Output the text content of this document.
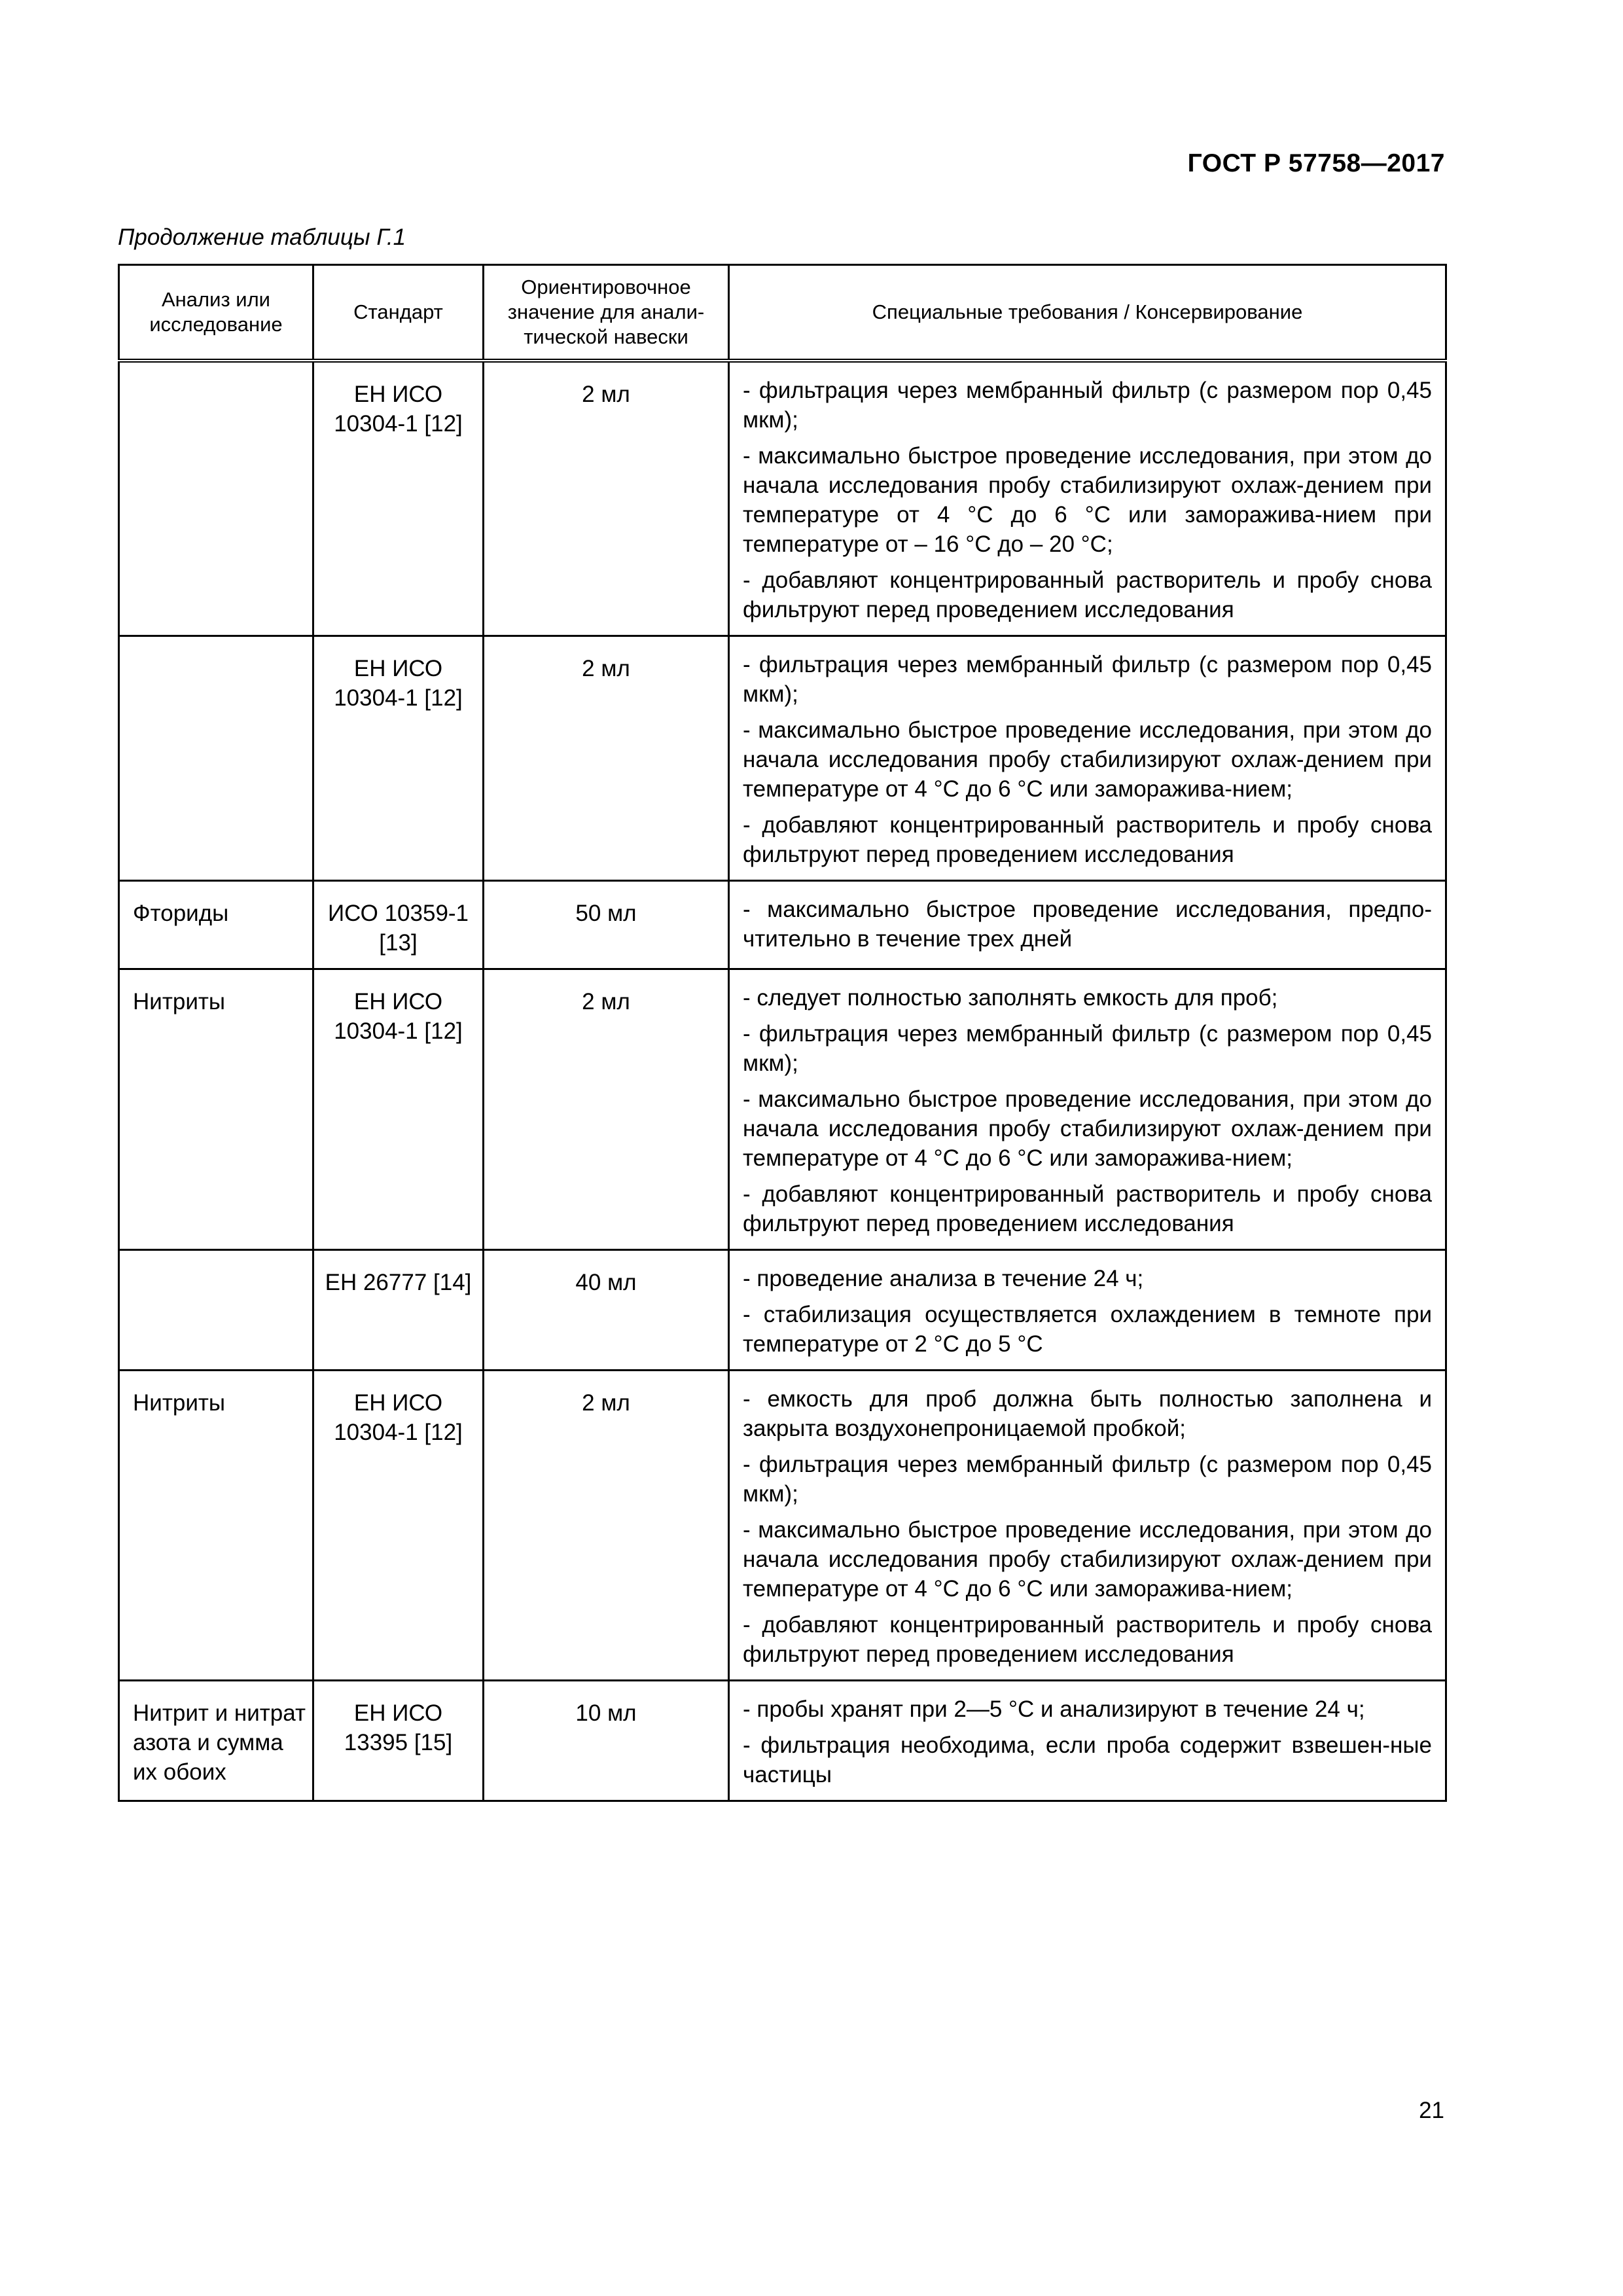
ГОСТ Р 57758—2017
Продолжение таблицы Г.1
Анализ или исследование	Стандарт	Ориентировочное значение для анали-тической навески	Специальные требования / Консервирование
	ЕН ИСО 10304-1 [12]	2 мл	- фильтрация через мембранный фильтр (с размером пор 0,45 мкм);
- максимально быстрое проведение исследования, при этом до начала исследования пробу стабилизируют охлаж-дением при температуре от 4 °С до 6 °С или заморажива-нием при температуре от – 16 °С до – 20 °С;
- добавляют концентрированный растворитель и пробу снова фильтруют перед проведением исследования

	ЕН ИСО 10304-1 [12]	2 мл	- фильтрация через мембранный фильтр (с размером пор 0,45 мкм);
- максимально быстрое проведение исследования, при этом до начала исследования пробу стабилизируют охлаж-дением при температуре от 4 °С до 6 °С или заморажива-нием;
- добавляют концентрированный растворитель и пробу снова фильтруют перед проведением исследования

Фториды	ИСО 10359-1 [13]	50 мл	- максимально быстрое проведение исследования, предпо-чтительно в течение трех дней

Нитриты	ЕН ИСО 10304-1 [12]	2 мл	- следует полностью заполнять емкость для проб;
- фильтрация через мембранный фильтр (с размером пор 0,45 мкм);
- максимально быстрое проведение исследования, при этом до начала исследования пробу стабилизируют охлаж-дением при температуре от 4 °С до 6 °С или заморажива-нием;
- добавляют концентрированный растворитель и пробу снова фильтруют перед проведением исследования

	ЕН 26777 [14]	40 мл	- проведение анализа в течение 24 ч;
- стабилизация осуществляется охлаждением в темноте при температуре от 2 °С до 5 °С

Нитриты	ЕН ИСО 10304-1 [12]	2 мл	- емкость для проб должна быть полностью заполнена и закрыта воздухонепроницаемой пробкой;
- фильтрация через мембранный фильтр (с размером пор 0,45 мкм);
- максимально быстрое проведение исследования, при этом до начала исследования пробу стабилизируют охлаж-дением при температуре от 4 °С до 6 °С или заморажива-нием;
- добавляют концентрированный растворитель и пробу снова фильтруют перед проведением исследования

Нитрит и нитрат азота и сумма их обоих	ЕН ИСО 13395 [15]	10 мл	- пробы хранят при 2—5 °С и анализируют в течение 24 ч;
- фильтрация необходима, если проба содержит взвешен-ные частицы
21
